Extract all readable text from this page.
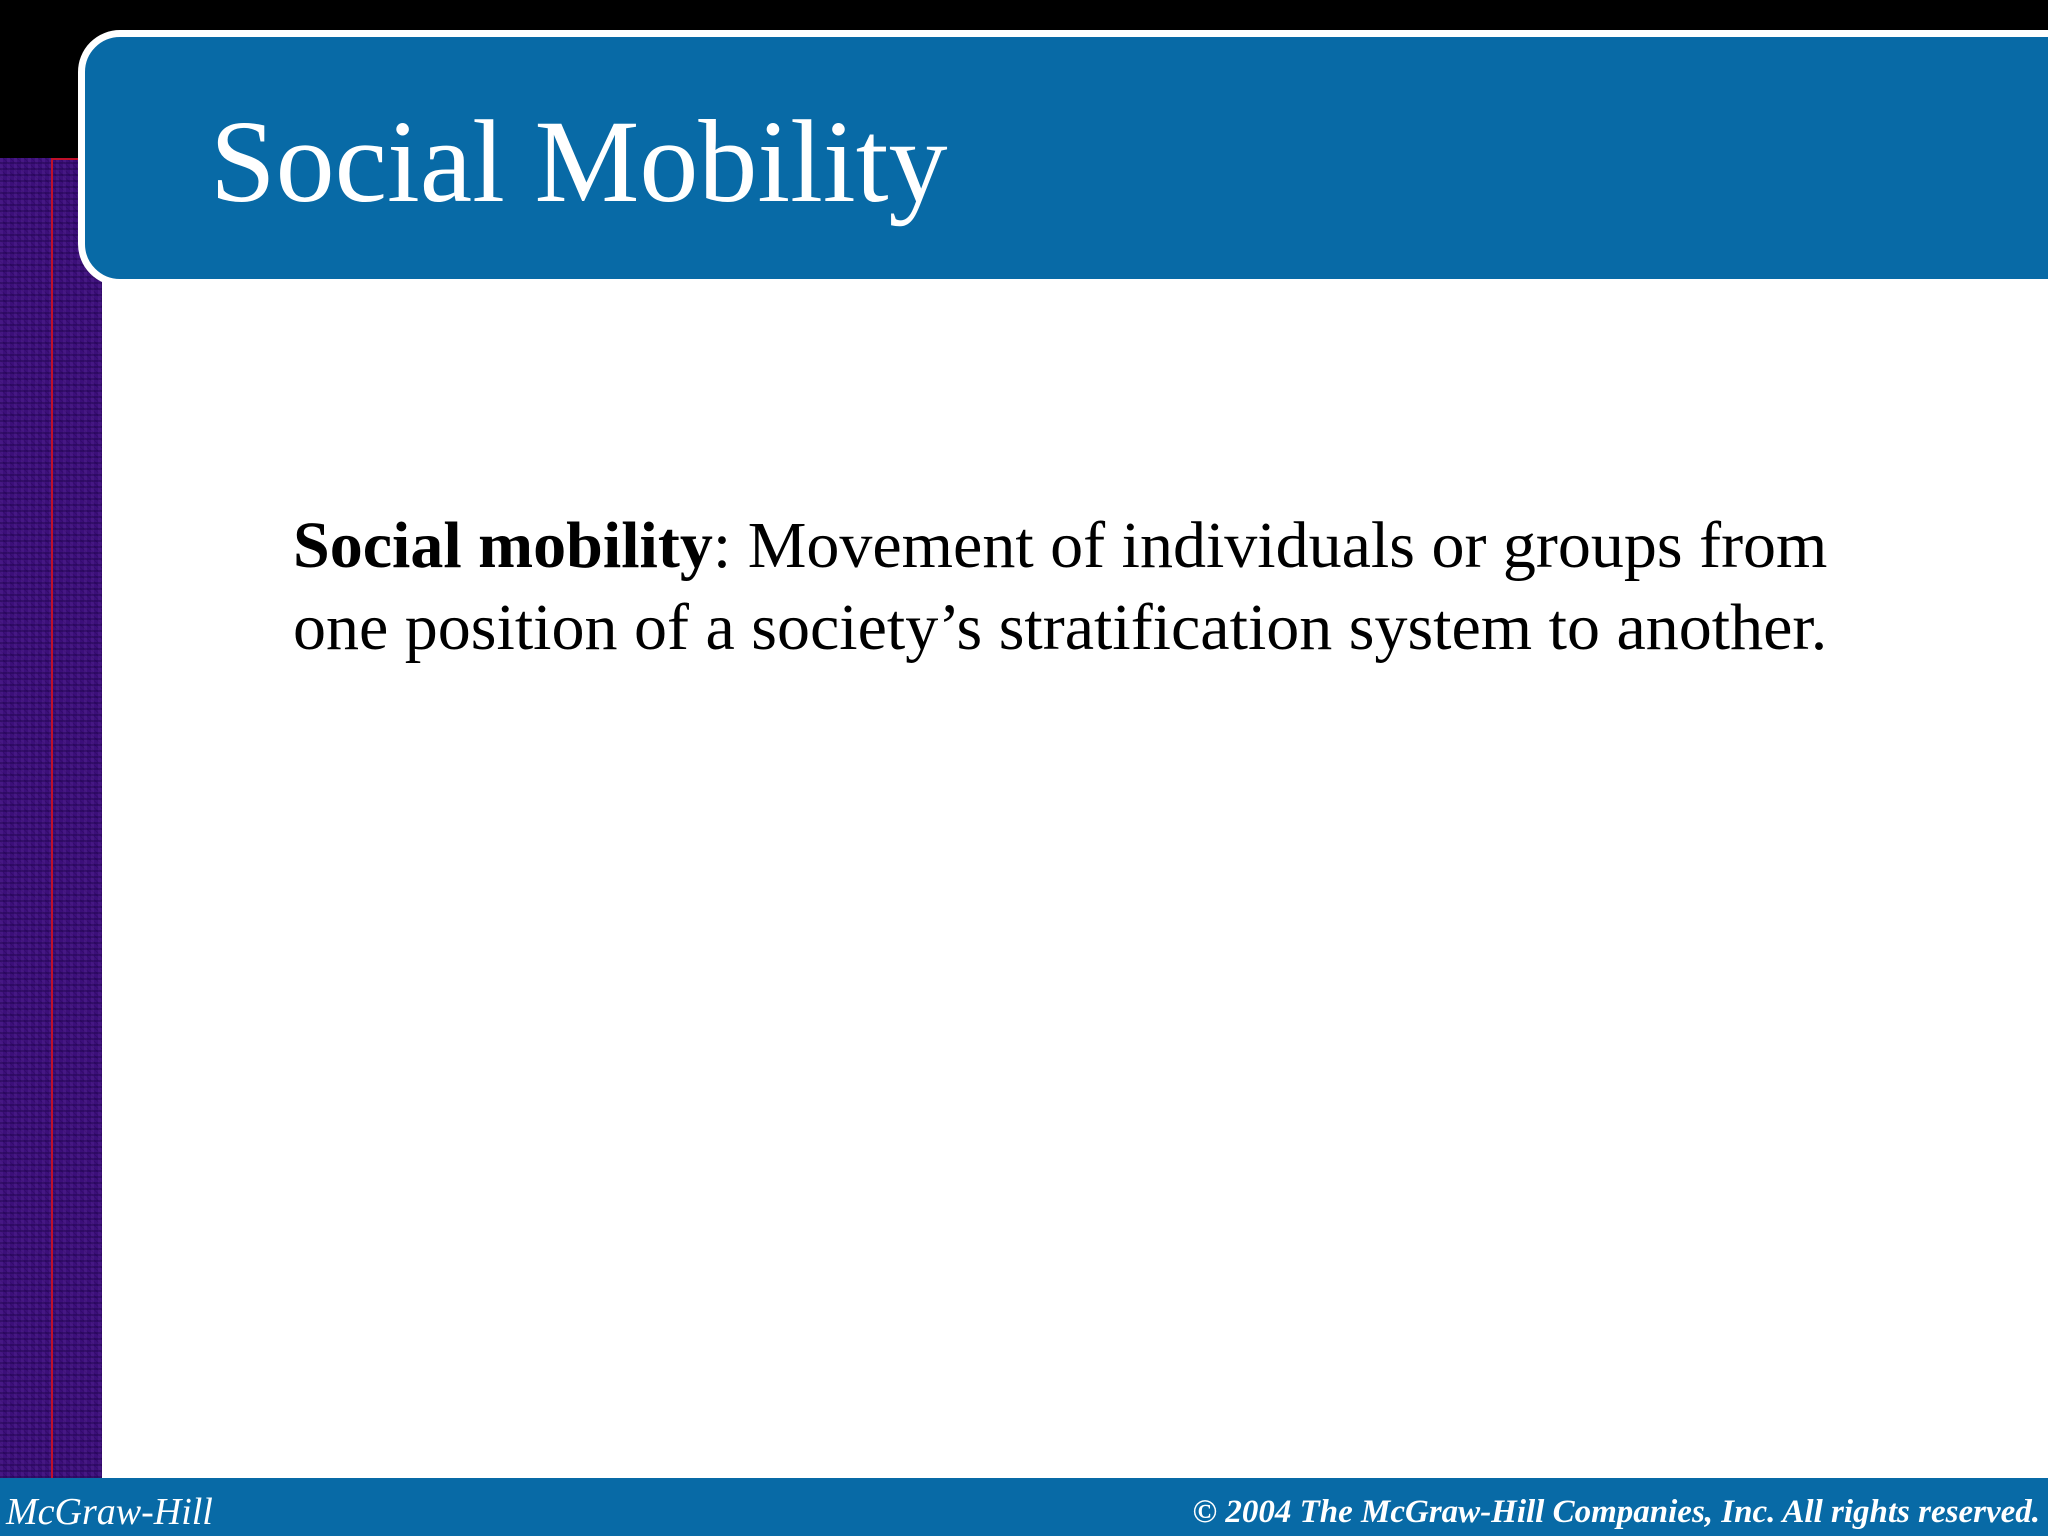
Social Mobility

Social mobility: Movement of individuals or groups from one position of a society’s stratification system to another.

McGraw-Hill	© 2004 The McGraw-Hill Companies, Inc. All rights reserved.
